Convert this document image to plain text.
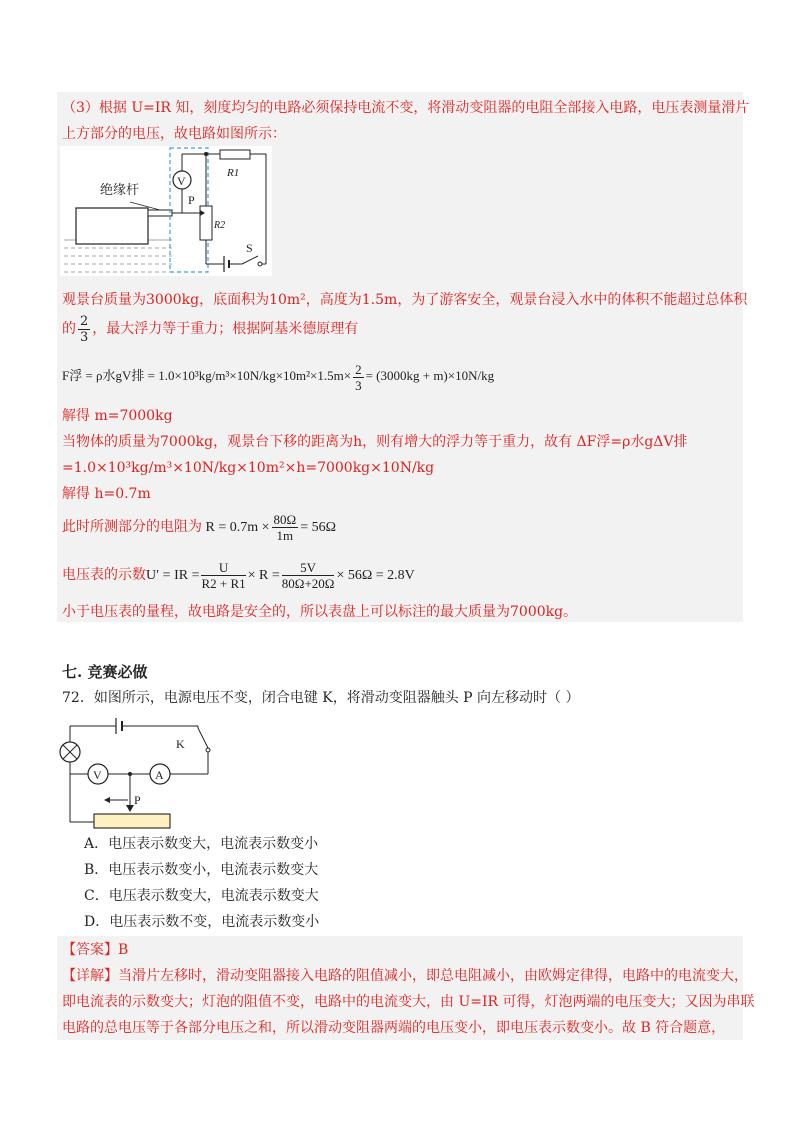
（3）根据 U=IR 知，刻度均匀的电路必须保持电流不变，将滑动变阻器的电阻全部接入电路，电压表测量滑片
上方部分的电压，故电路如图所示：
绝缘杆
V
R1
R2
P
S
观景台质量为3000kg，底面积为10m²，高度为1.5m，为了游客安全，观景台浸入水中的体积不能超过总体积
的 $\frac{2}{3}$ ，最大浮力等于重力；根据阿基米德原理有
F浮 = ρ水gV排 = $1.0\times 10^3kg/m^3\times 10N/kg\times 10m^2\times 1.5m\times \frac{2}{3} = (3000kg + m)\times 10N/kg$
解得 m=7000kg
当物体的质量为7000kg，观景台下移的距离为h，则有增大的浮力等于重力，故有 ΔF浮=ρ水gΔV排
=1.0×10³kg/m³×10N/kg×10m²×h=7000kg×10N/kg
解得 h=0.7m
此时所测部分的电阻为 $R = 0.7m \times \frac{80\Omega}{1m} = 56\Omega$
电压表的示数U′ = IR = $\frac{U}{R2 + R1} \times R = \frac{5V}{80\Omega+20\Omega} \times 56\Omega = 2.8V$
小于电压表的量程，故电路是安全的，所以表盘上可以标注的最大质量为7000kg。
七. 竞赛必做
72．如图所示，电源电压不变，闭合电键 K，将滑动变阻器触头 P 向左移动时（ ）
V	A
K
P
A．电压表示数变大，电流表示数变小
B．电压表示数变小，电流表示数变大
C．电压表示数变大，电流表示数变大
D．电压表示数不变，电流表示数变小
【答案】B
【详解】当滑片左移时，滑动变阻器接入电路的阻值减小，即总电阻减小，由欧姆定律得，电路中的电流变大，
即电流表的示数变大；灯泡的阻值不变，电路中的电流变大，由 U=IR 可得，灯泡两端的电压变大；又因为串联
电路的总电压等于各部分电压之和，所以滑动变阻器两端的电压变小，即电压表示数变小。故 B 符合题意，
